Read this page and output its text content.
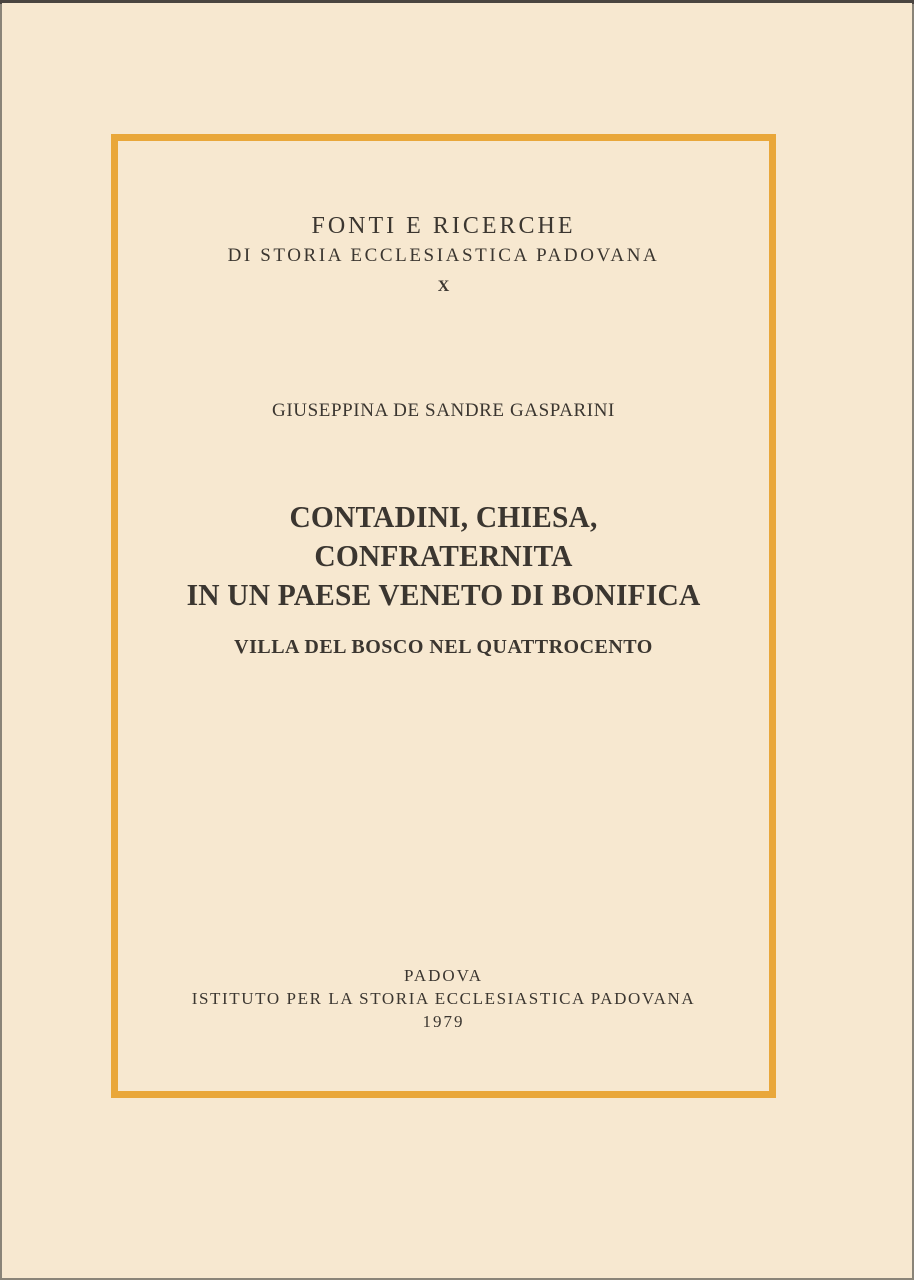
FONTI E RICERCHE
DI STORIA ECCLESIASTICA PADOVANA
X
GIUSEPPINA DE SANDRE GASPARINI
CONTADINI, CHIESA,
CONFRATERNITA
IN UN PAESE VENETO DI BONIFICA
VILLA DEL BOSCO NEL QUATTROCENTO
PADOVA
ISTITUTO PER LA STORIA ECCLESIASTICA PADOVANA
1979
